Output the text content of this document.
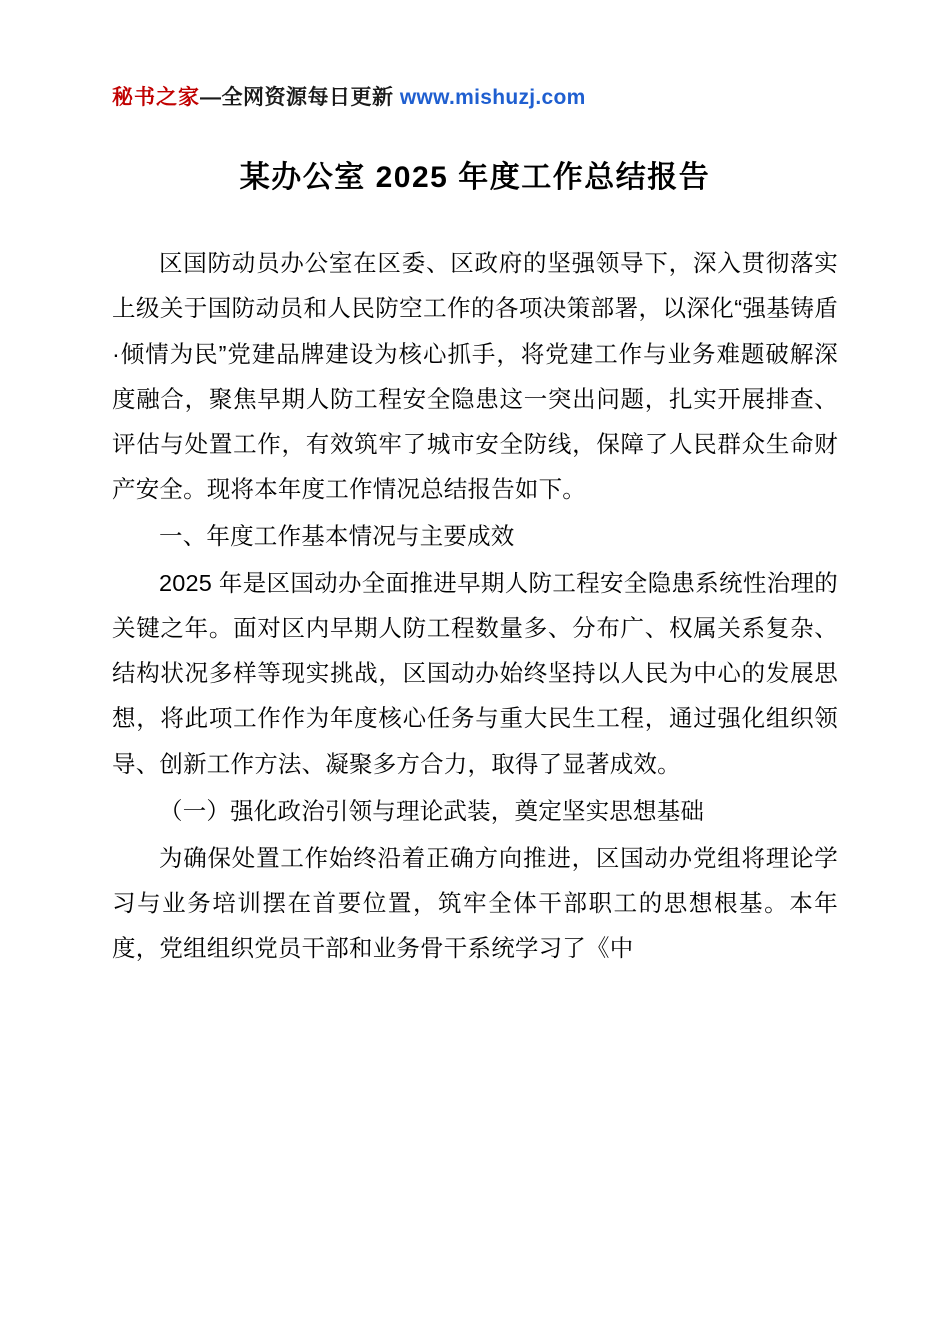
秘书之家—全网资源每日更新 www.mishuzj.com
某办公室 2025 年度工作总结报告

区国防动员办公室在区委、区政府的坚强领导下，深入贯彻落实上级关于国防动员和人民防空工作的各项决策部署，以深化“强基铸盾·倾情为民”党建品牌建设为核心抓手，将党建工作与业务难题破解深度融合，聚焦早期人防工程安全隐患这一突出问题，扎实开展排查、评估与处置工作，有效筑牢了城市安全防线，保障了人民群众生命财产安全。现将本年度工作情况总结报告如下。

一、年度工作基本情况与主要成效

2025 年是区国动办全面推进早期人防工程安全隐患系统性治理的关键之年。面对区内早期人防工程数量多、分布广、权属关系复杂、结构状况多样等现实挑战，区国动办始终坚持以人民为中心的发展思想，将此项工作作为年度核心任务与重大民生工程，通过强化组织领导、创新工作方法、凝聚多方合力，取得了显著成效。

（一）强化政治引领与理论武装，奠定坚实思想基础

为确保处置工作始终沿着正确方向推进，区国动办党组将理论学习与业务培训摆在首要位置，筑牢全体干部职工的思想根基。本年度，党组组织党员干部和业务骨干系统学习了《中
